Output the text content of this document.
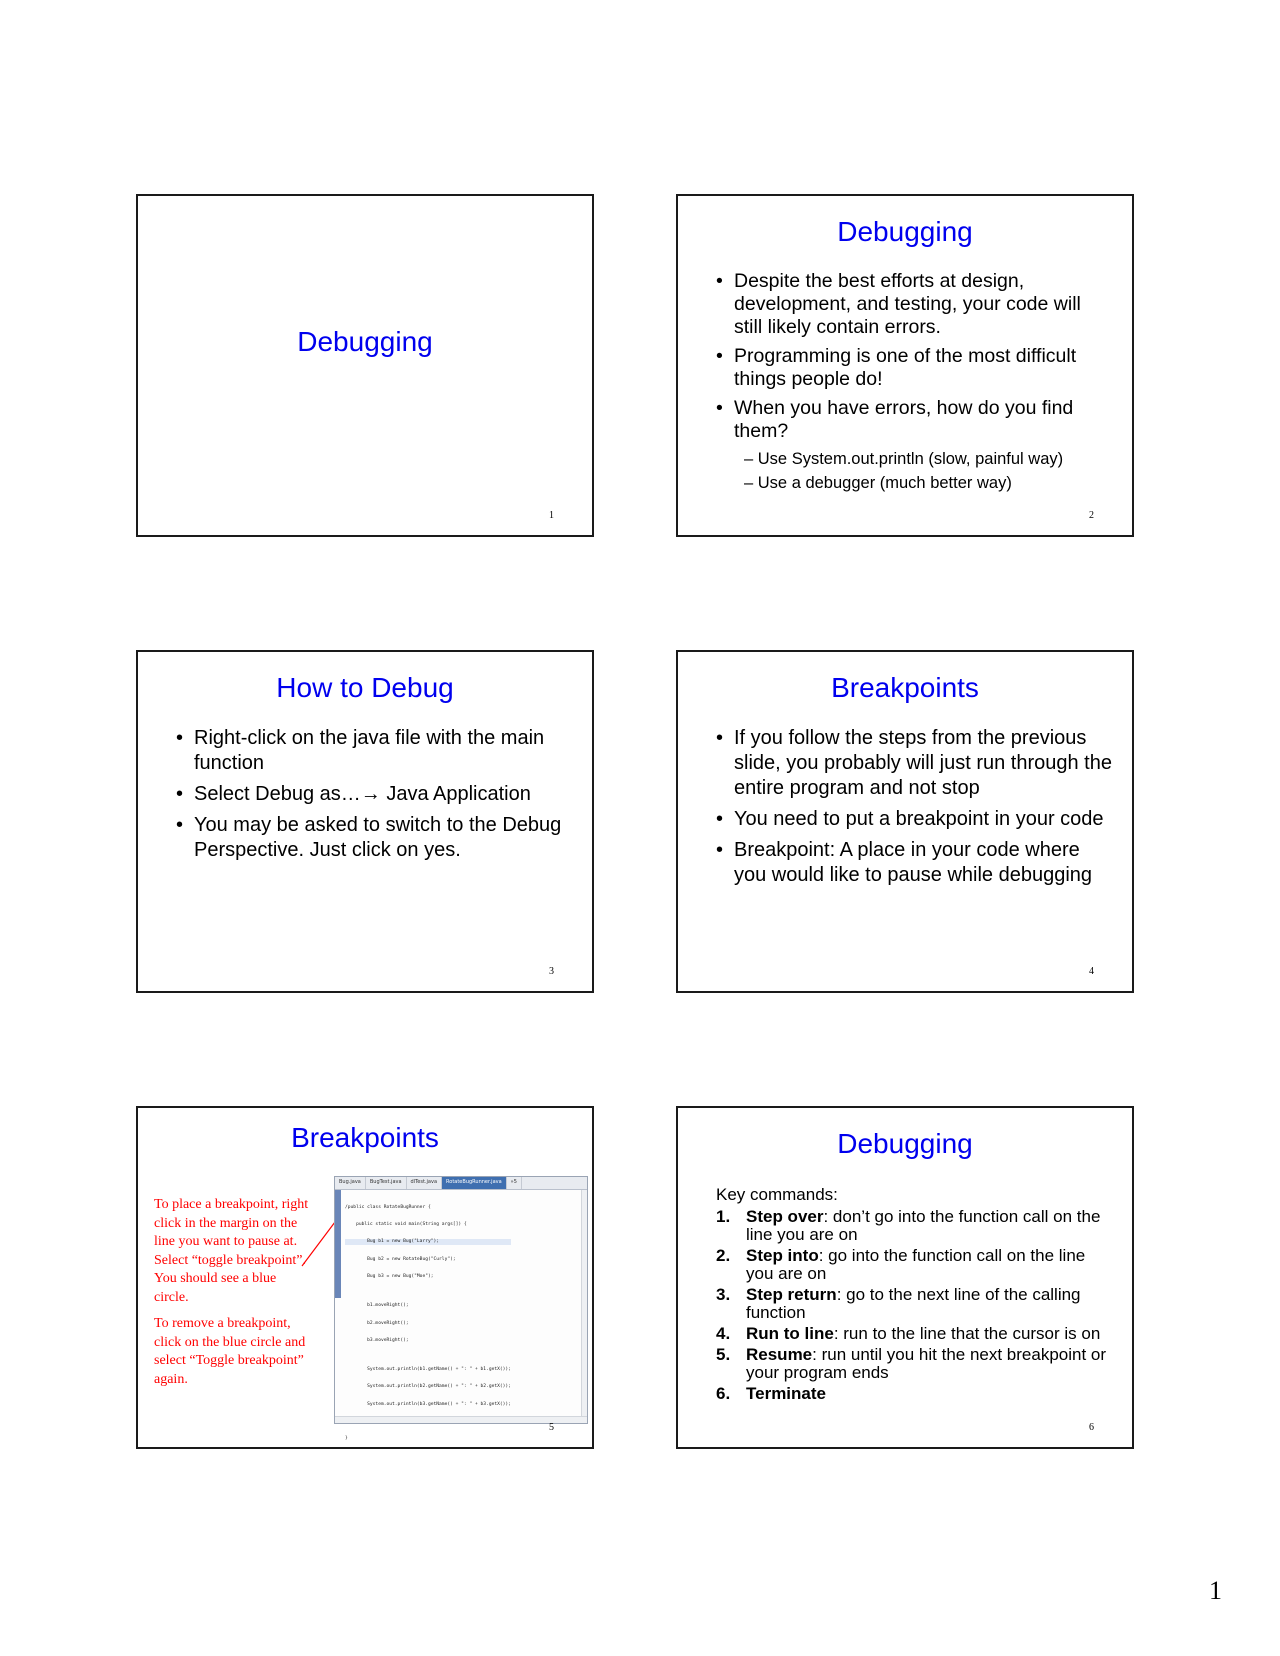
Debugging
1
Debugging
• Despite the best efforts at design, development, and testing, your code will still likely contain errors.
• Programming is one of the most difficult things people do!
• When you have errors, how do you find them?
– Use System.out.println (slow, painful way)
– Use a debugger (much better way)
2
How to Debug
• Right-click on the java file with the main function
• Select Debug as…→ Java Application
• You may be asked to switch to the Debug Perspective. Just click on yes.
3
Breakpoints
• If you follow the steps from the previous slide, you probably will just run through the entire program and not stop
• You need to put a breakpoint in your code
• Breakpoint: A place in your code where you would like to pause while debugging
4
Breakpoints

To place a breakpoint, right click in the margin on the line you want to pause at. Select “toggle breakpoint”. You should see a blue circle.

To remove a breakpoint, click on the blue circle and select “Toggle breakpoint” again.

Bug.java	BugTest.java	dlTest.java	RotateBugRunner.java	»5

/public class RotateBugRunner {

public static void main(String args[]) {

Bug b1 = new Bug("Larry");

Bug b2 = new RotateBug("Curly");

Bug b3 = new Bug("Moe");

b1.moveRight();

b2.moveRight();

b3.moveRight();

System.out.println(b1.getName() + ": " + b1.getX());

System.out.println(b2.getName() + ": " + b2.getX());

System.out.println(b3.getName() + ": " + b3.getX());

}

5
Debugging
Key commands:
1. Step over: don’t go into the function call on the line you are on
2. Step into: go into the function call on the line you are on
3. Step return: go to the next line of the calling function
4. Run to line: run to the line that the cursor is on
5. Resume: run until you hit the next breakpoint or your program ends
6. Terminate
6
1
